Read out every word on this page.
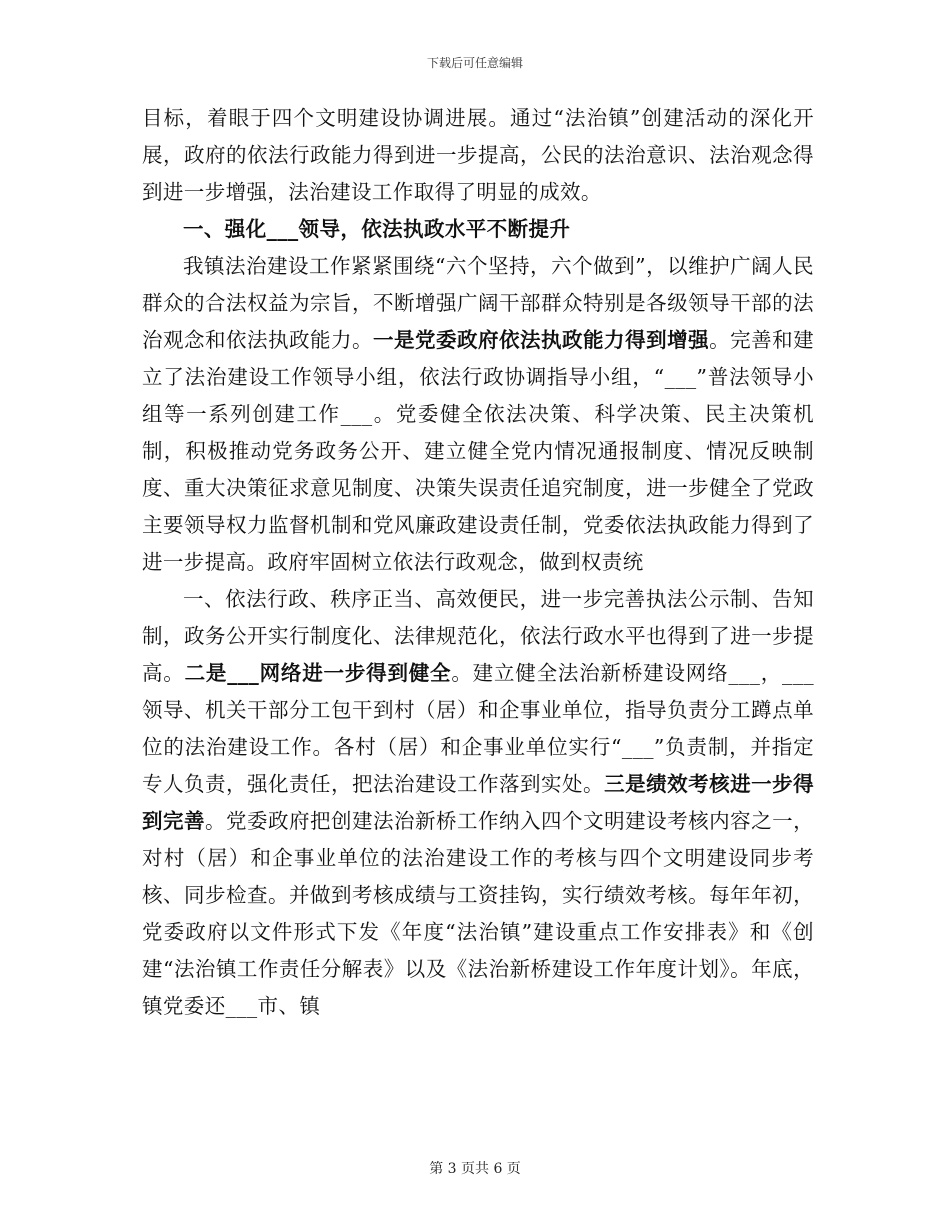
下载后可任意编辑

目标，着眼于四个文明建设协调进展。通过“法治镇”创建活动的深化开展，政府的依法行政能力得到进一步提高，公民的法治意识、法治观念得到进一步增强，法治建设工作取得了明显的成效。

一、强化___领导，依法执政水平不断提升

我镇法治建设工作紧紧围绕“六个坚持，六个做到”，以维护广阔人民群众的合法权益为宗旨，不断增强广阔干部群众特别是各级领导干部的法治观念和依法执政能力。一是党委政府依法执政能力得到增强。完善和建立了法治建设工作领导小组，依法行政协调指导小组，“___”普法领导小组等一系列创建工作___。党委健全依法决策、科学决策、民主决策机制，积极推动党务政务公开、建立健全党内情况通报制度、情况反映制度、重大决策征求意见制度、决策失误责任追究制度，进一步健全了党政主要领导权力监督机制和党风廉政建设责任制，党委依法执政能力得到了进一步提高。政府牢固树立依法行政观念，做到权责统

一、依法行政、秩序正当、高效便民，进一步完善执法公示制、告知制，政务公开实行制度化、法律规范化，依法行政水平也得到了进一步提高。二是___网络进一步得到健全。建立健全法治新桥建设网络___，___领导、机关干部分工包干到村（居）和企事业单位，指导负责分工蹲点单位的法治建设工作。各村（居）和企事业单位实行“___”负责制，并指定专人负责，强化责任，把法治建设工作落到实处。三是绩效考核进一步得到完善。党委政府把创建法治新桥工作纳入四个文明建设考核内容之一，对村（居）和企事业单位的法治建设工作的考核与四个文明建设同步考核、同步检查。并做到考核成绩与工资挂钩，实行绩效考核。每年年初，党委政府以文件形式下发《年度“法治镇”建设重点工作安排表》和《创建“法治镇工作责任分解表》以及《法治新桥建设工作年度计划》。年底，镇党委还___市、镇

第 3 页共 6 页
